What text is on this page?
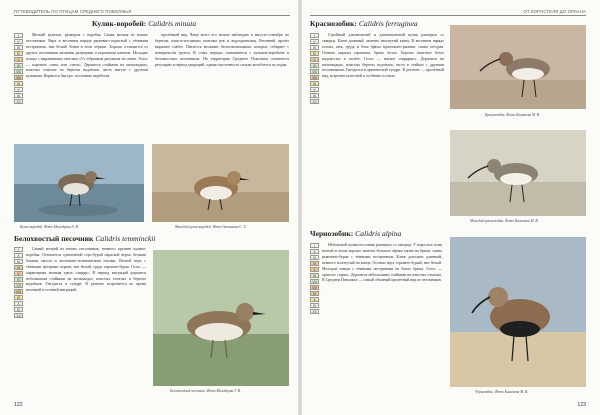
ПУТЕВОДИТЕЛЬ ПО ПТИЦАМ СРЕДНЕГО ПОВОЛЖЬЯ
Кулик-воробей: Calidris minuta
I
II
III
IV
V
VI
VII
VIII
IX
X
XI
XII

Мелкий куличок, размером с воробья. Самая мелкая из наших песочников. Верх в весеннем наряде рыжевато-охристый с тёмными пестринами, низ белый. Клюв и ноги чёрные. Хорошо отличается от других песочников мелкими размерами и короткими клювом. Молодые птицы с выраженным светлым «V»-образным рисунком на спине. Голос — короткое «чип» или «тити». Держится стайками на мелководьях, илистых отмелях по берегам водоёмов, часто вместе с другими куликами. Кормится быстро, постоянно перебегая.

пролётный вид. Чаще всего его можно наблюдать в августе-сентябре по берегам, илисто-песчаным отмелям рек и водохранилищ. Весенний пролёт выражен слабее. Питается мелкими беспозвоночными, которых собирает с поверхности грунта. В стаях нередко смешивается с куликом-воробьём и белохвостым песочником. На территории Среднего Поволжья отмечается регулярно в период миграций, однако численность сильно колеблется по годам.

Кулик-воробей. Фото Молодцова А. В.	Молодой кулик-воробей. Фото Асташева С. Т.
Белохвостый песочник Calidris temminckii
I
II
III
IV
V
VI
VII
VIII
IX
X
XI
XII

Самый мелкий из наших песочников, немного крупнее кулика-воробья. Отличается однотонной серо-бурой окраской верха, белыми боками хвоста и желтовато-зеленоватыми ногами. Весной верх с тёмными центрами перьев, низ белый, грудь серовато-бурая. Голос — характерная звонкая трель «тиррр». В период миграций держится небольшими стайками на мелководье, илистых отмелях и берегах водоёмов. Гнездится в тундре. В регионе встречается во время весенней и осенней миграций.

Белохвостый песочник. Фото Молодцова Т. В.
122
ОТ КОРОСТЕЛЯ ДО ОРЛАНА
Краснозобик: Calidris ferruginea
I
II
III
IV
V
VI
VII
VIII
IX
X
XI
XII

Стройный длинноногий и длинноклювый кулик размером со скворца. Клюв длинный, заметно изогнутый книзу. В весеннем наряде голова, шея, грудь и бока брюха красновато-ржавые, спина пёстрая. Осенью окраска сероватая, брюхо белое. Хорошо заметное белое надхвостье в полёте. Голос — мягкое «чирррип». Держится на мелководьях, илистых берегах водоёмов, часто в стайках с другими песочниками. Гнездится в арктической тундре. В регионе — пролётный вид, встречается весной и особенно осенью.

Краснозобик. Фото Каменева М. В.
Молодой краснозобик. Фото Каменева М. В.
Чернозобик: Calidris alpina
I
II
III
IV
V
VI
VII
VIII
IX
X
XI
XII

Небольшой кулик-песочник размером со скворца. У взрослых птиц весной и летом хорошо заметно большое чёрное пятно на брюхе, спина рыжевато-бурая с тёмными пестринами. Клюв довольно длинный, немного изогнутый на конце. Осенью верх серовато-бурый, низ белый. Молодые птицы с тёмными пестринами на боках брюха. Голос — хриплое «трии». Держится небольшими стайками на илистых отмелях. В Среднем Поволжье — самый обычный пролётный вид из песочников.

Чернозобик. Фото Каменева М. В.
123
